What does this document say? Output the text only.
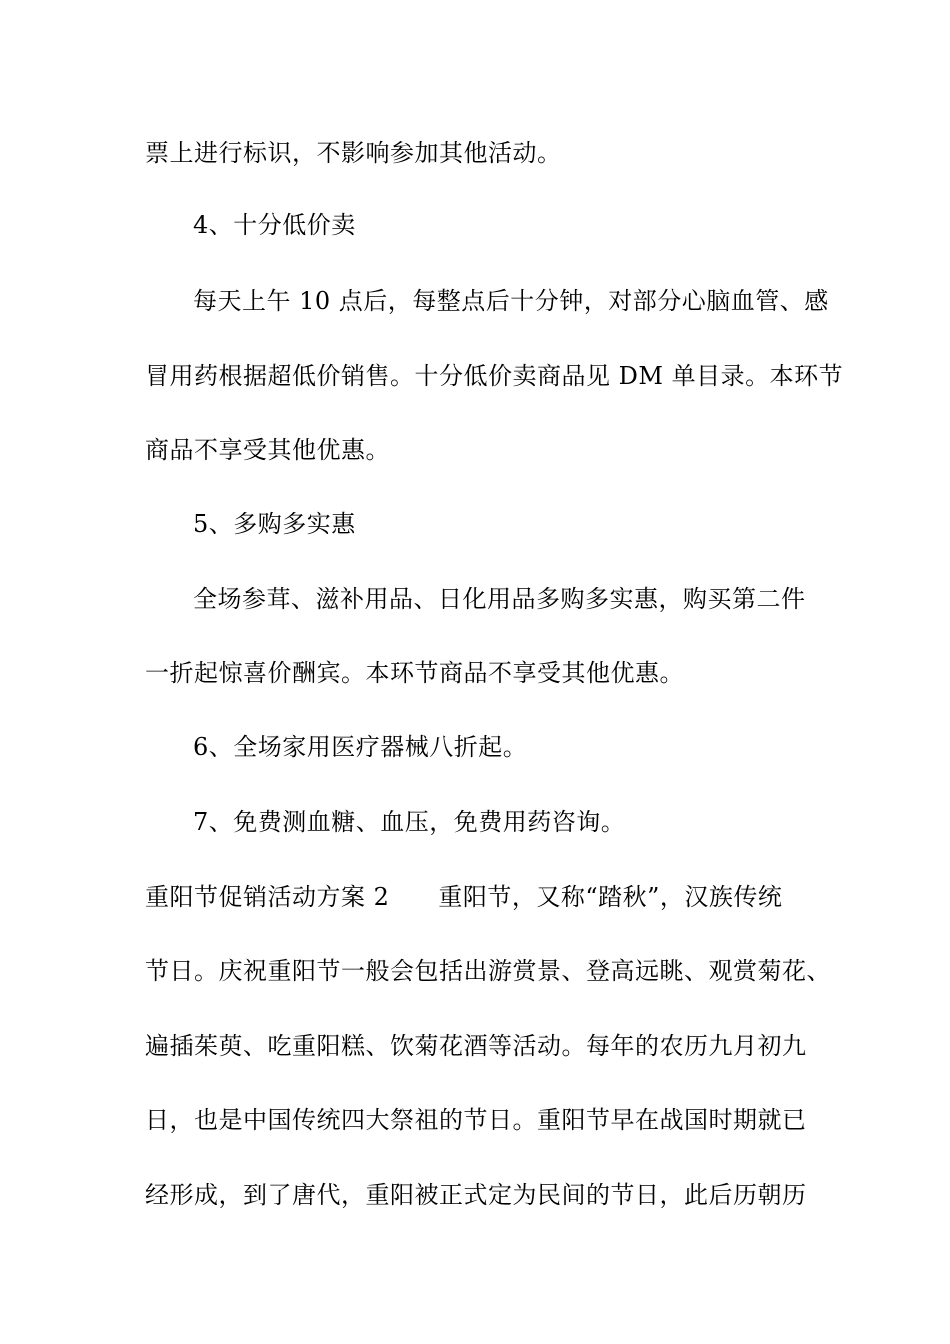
票上进行标识，不影响参加其他活动。
4、十分低价卖
每天上午 10 点后，每整点后十分钟，对部分心脑血管、感
冒用药根据超低价销售。十分低价卖商品见 DM 单目录。本环节
商品不享受其他优惠。
5、多购多实惠
全场参茸、滋补用品、日化用品多购多实惠，购买第二件
一折起惊喜价酬宾。本环节商品不享受其他优惠。
6、全场家用医疗器械八折起。
7、免费测血糖、血压，免费用药咨询。
重阳节促销活动方案 2　　重阳节，又称“踏秋”，汉族传统
节日。庆祝重阳节一般会包括出游赏景、登高远眺、观赏菊花、
遍插茱萸、吃重阳糕、饮菊花酒等活动。每年的农历九月初九
日，也是中国传统四大祭祖的节日。重阳节早在战国时期就已
经形成，到了唐代，重阳被正式定为民间的节日，此后历朝历
